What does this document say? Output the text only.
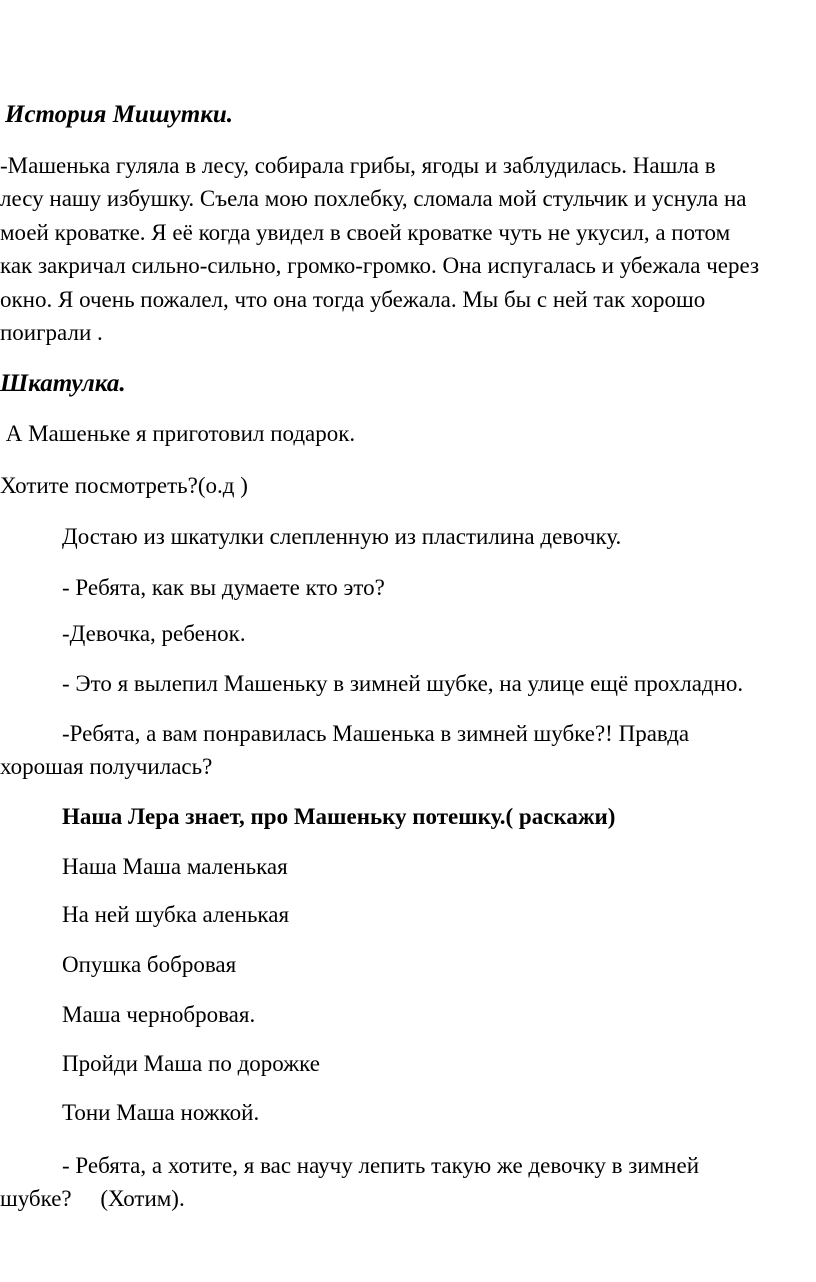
История Мишутки.

-Машенька гуляла в лесу, собирала грибы, ягоды и заблудилась. Нашла в

лесу нашу избушку. Съела мою похлебку, сломала мой стульчик и уснула на

моей кроватке. Я её когда увидел в своей кроватке чуть не укусил, а потом

как закричал сильно-сильно, громко-громко. Она испугалась и убежала через

окно. Я очень пожалел, что она тогда убежала. Мы бы с ней так хорошо

поиграли .

Шкатулка.

А Машеньке я приготовил подарок.

Хотите посмотреть?(о.д )

Достаю из шкатулки слепленную из пластилина девочку.

- Ребята, как вы думаете кто это?

-Девочка, ребенок.

- Это я вылепил Машеньку в зимней шубке, на улице ещё прохладно.

-Ребята, а вам понравилась Машенька в зимней шубке?! Правда

хорошая получилась?

Наша Лера знает, про Машеньку потешку.( раскажи)

Наша Маша маленькая

На ней шубка аленькая

Опушка бобровая

Маша чернобровая.

Пройди Маша по дорожке

Тони Маша ножкой.

- Ребята, а хотите, я вас научу лепить такую же девочку в зимней

шубке?     (Хотим).
